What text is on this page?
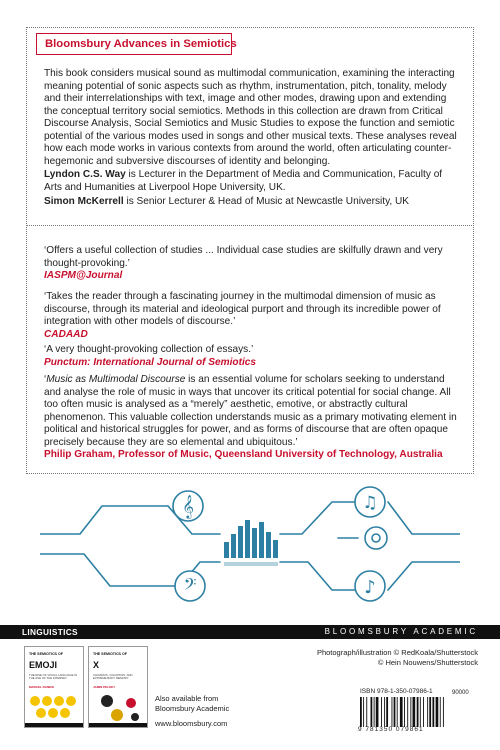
Bloomsbury Advances in Semiotics

This book considers musical sound as multimodal communication, examining the interacting meaning potential of sonic aspects such as rhythm, instrumentation, pitch, tonality, melody and their interrelationships with text, image and other modes, drawing upon and extending the conceptual territory social semiotics. Methods in this collection are drawn from Critical Discourse Analysis, Social Semiotics and Music Studies to expose the function and semiotic potential of the various modes used in songs and other musical texts. These analyses reveal how each mode works in various contexts from around the world, often articulating counter-hegemonic and subversive discourses of identity and belonging.

Lyndon C.S. Way is Lecturer in the Department of Media and Communication, Faculty of Arts and Humanities at Liverpool Hope University, UK.

Simon McKerrell is Senior Lecturer & Head of Music at Newcastle University, UK

‘Offers a useful collection of studies ... Individual case studies are skilfully drawn and very thought-provoking.’
IASPM@Journal
‘Takes the reader through a fascinating journey in the multimodal dimension of music as discourse, through its material and ideological purport and through its incredible power of integration with other models of discourse.’
CADAAD
‘A very thought-provoking collection of essays.’
Punctum: International Journal of Semiotics
‘Music as Multimodal Discourse is an essential volume for scholars seeking to understand and analyse the role of music in ways that uncover its critical potential for social change. All too often music is analysed as a “merely” aesthetic, emotive, or abstractly cultural phenomenon. This valuable collection understands music as a primary motivating element in political and historical struggles for power, and as forms of discourse that are often opaque precisely because they are so elemental and ubiquitous.’
Philip Graham, Professor of Music, Queensland University of Technology, Australia
𝄞	♫
𝄢	♪
LINGUISTICS	BLOOMSBURY ACADEMIC
THE SEMIOTICS OF
EMOJI
THE RISE OF VISUAL LANGUAGE IN THE AGE OF THE INTERNET
MARCEL DANESI
THE SEMIOTICS OF
X
CHIASMUS, COGNITION, AND EXTREME BODY MEMORY
JAMIN PELKEY
Also available from
Bloomsbury Academic
www.bloomsbury.com
Photograph/illustration © RedKoala/Shutterstock
© Hein Nouwens/Shutterstock
ISBN 978-1-350-07986-1
9 781350 079861
90000
